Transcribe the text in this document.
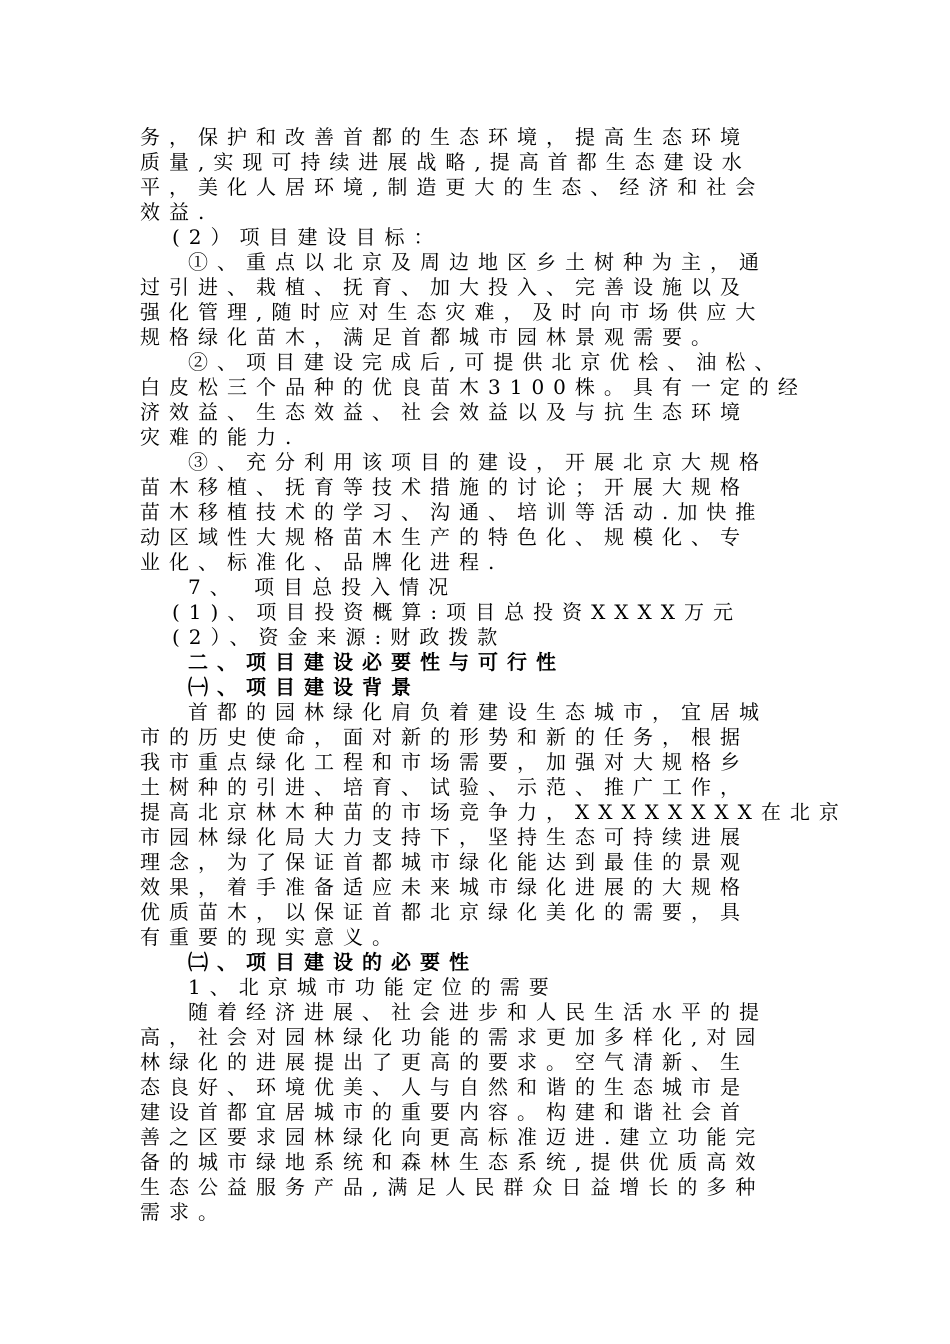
务，保护和改善首都的生态环境，提高生态环境
质量,实现可持续进展战略,提高首都生态建设水
平，美化人居环境,制造更大的生态、经济和社会
效益.
(2）项目建设目标：
①、重点以北京及周边地区乡土树种为主，通
过引进、栽植、抚育、加大投入、完善设施以及
强化管理,随时应对生态灾难，及时向市场供应大
规格绿化苗木，满足首都城市园林景观需要。
②、项目建设完成后,可提供北京优桧、油松、
白皮松三个品种的优良苗木3100株。具有一定的经
济效益、生态效益、社会效益以及与抗生态环境
灾难的能力.
③、充分利用该项目的建设，开展北京大规格
苗木移植、抚育等技术措施的讨论；开展大规格
苗木移植技术的学习、沟通、培训等活动.加快推
动区域性大规格苗木生产的特色化、规模化、专
业化、标准化、品牌化进程.
7、 项目总投入情况
(1)、项目投资概算:项目总投资XXXX万元
(2）、资金来源:财政拨款
二、项目建设必要性与可行性
㈠、项目建设背景
首都的园林绿化肩负着建设生态城市，宜居城
市的历史使命，面对新的形势和新的任务，根据
我市重点绿化工程和市场需要，加强对大规格乡
土树种的引进、培育、试验、示范、推广工作，
提高北京林木种苗的市场竞争力，XXXXXXXX在北京
市园林绿化局大力支持下，坚持生态可持续进展
理念，为了保证首都城市绿化能达到最佳的景观
效果，着手准备适应未来城市绿化进展的大规格
优质苗木，以保证首都北京绿化美化的需要，具
有重要的现实意义。
㈡、项目建设的必要性
1、北京城市功能定位的需要
随着经济进展、社会进步和人民生活水平的提
高，社会对园林绿化功能的需求更加多样化,对园
林绿化的进展提出了更高的要求。空气清新、生
态良好、环境优美、人与自然和谐的生态城市是
建设首都宜居城市的重要内容。构建和谐社会首
善之区要求园林绿化向更高标准迈进.建立功能完
备的城市绿地系统和森林生态系统,提供优质高效
生态公益服务产品,满足人民群众日益增长的多种
需求。
